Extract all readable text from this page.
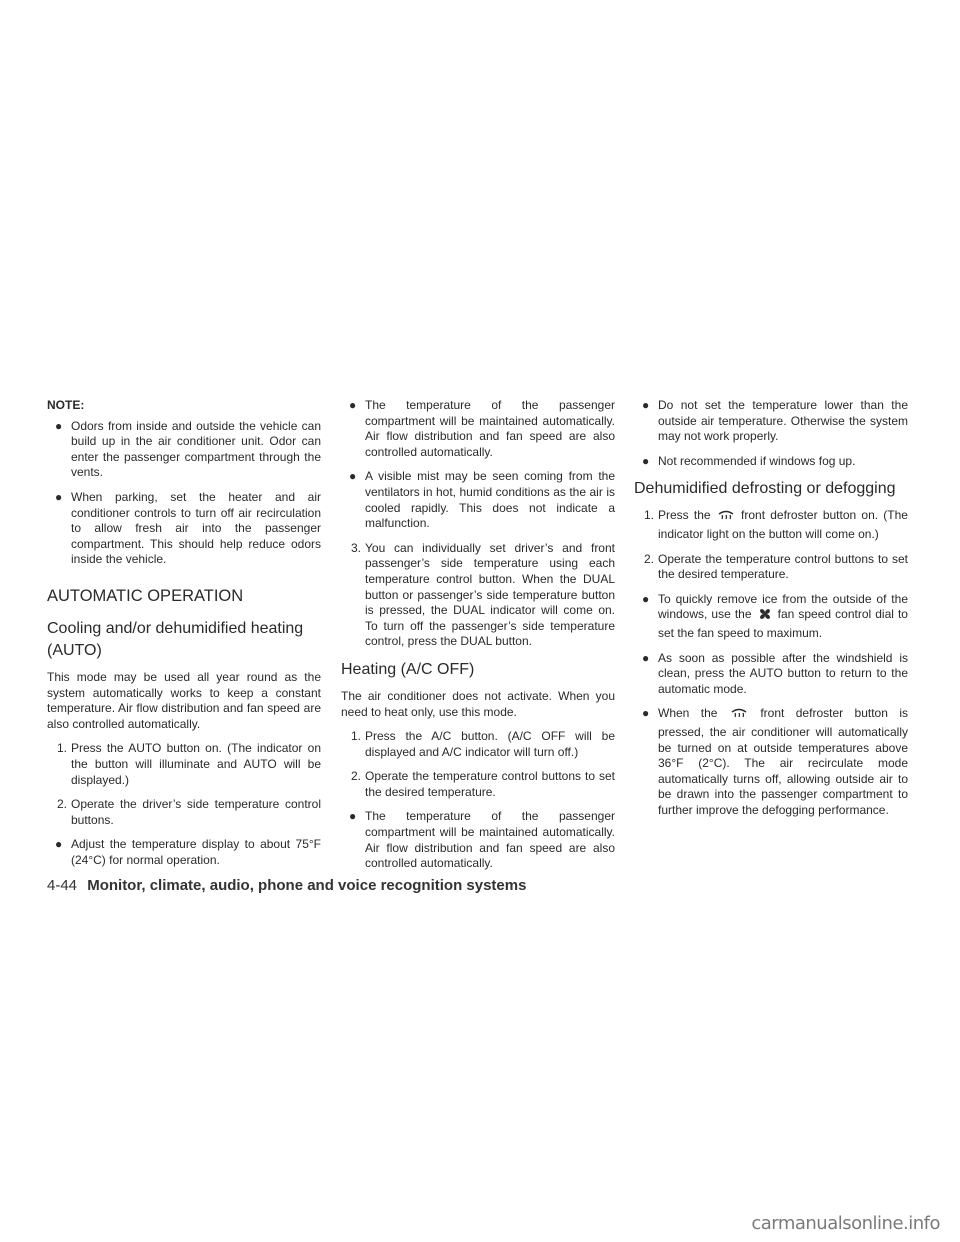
NOTE:

● Odors from inside and outside the vehicle can build up in the air conditioner unit. Odor can enter the passenger compartment through the vents.
● When parking, set the heater and air conditioner controls to turn off air recirculation to allow fresh air into the passenger compartment. This should help reduce odors inside the vehicle.
AUTOMATIC OPERATION
Cooling and/or dehumidified heating (AUTO)

This mode may be used all year round as the system automatically works to keep a constant temperature. Air flow distribution and fan speed are also controlled automatically.

1. Press the AUTO button on. (The indicator on the button will illuminate and AUTO will be displayed.)
2. Operate the driver’s side temperature control buttons.
● Adjust the temperature display to about 75°F (24°C) for normal operation.
● The temperature of the passenger compartment will be maintained automatically. Air flow distribution and fan speed are also controlled automatically.
● A visible mist may be seen coming from the ventilators in hot, humid conditions as the air is cooled rapidly. This does not indicate a malfunction.
3. You can individually set driver’s and front passenger’s side temperature using each temperature control button. When the DUAL button or passenger’s side temperature button is pressed, the DUAL indicator will come on. To turn off the passenger’s side temperature control, press the DUAL button.
Heating (A/C OFF)

The air conditioner does not activate. When you need to heat only, use this mode.

1. Press the A/C button. (A/C OFF will be displayed and A/C indicator will turn off.)
2. Operate the temperature control buttons to set the desired temperature.
● The temperature of the passenger compartment will be maintained automatically. Air flow distribution and fan speed are also controlled automatically.
● Do not set the temperature lower than the outside air temperature. Otherwise the system may not work properly.
● Not recommended if windows fog up.
Dehumidified defrosting or defogging
1. Press the	front defroster button on. (The indicator light on the button will come on.)
2. Operate the temperature control buttons to set the desired temperature.
● To quickly remove ice from the outside of the windows, use the fan speed control dial to set the fan speed to maximum.
● As soon as possible after the windshield is clean, press the AUTO button to return to the automatic mode.
● When the	front defroster button is pressed, the air conditioner will automatically be turned on at outside temperatures above 36°F (2°C). The air recirculate mode automatically turns off, allowing outside air to be drawn into the passenger compartment to further improve the defogging performance.
4-44 Monitor, climate, audio, phone and voice recognition systems
carmanualsonline.info
